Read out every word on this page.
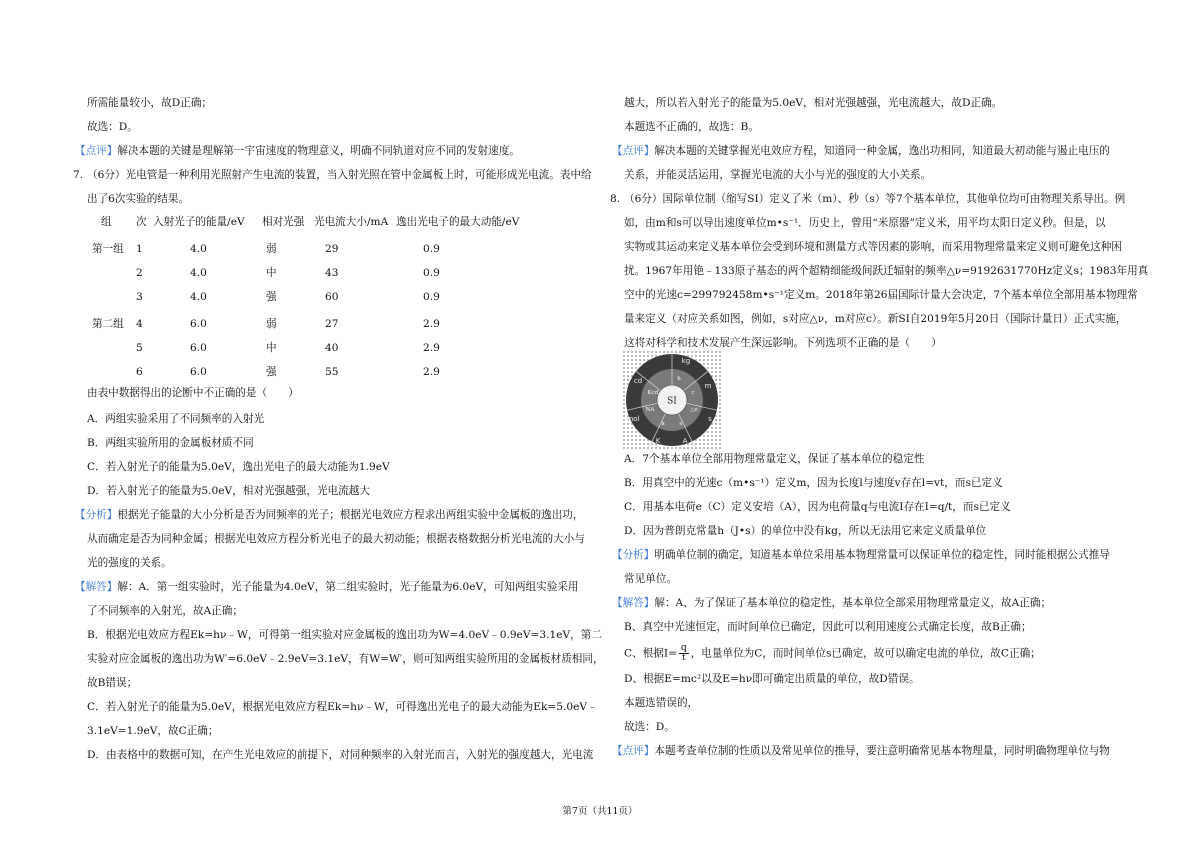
所需能量较小，故D正确；
故选：D。
【点评】解决本题的关键是理解第一宇宙速度的物理意义，明确不同轨道对应不同的发射速度。
7. （6分）光电管是一种利用光照射产生电流的装置，当入射光照在管中金属板上时，可能形成光电流。表中给
出了6次实验的结果。
组 次 入射光子的能量/eV 相对光强 光电流大小/mA 逸出光电子的最大动能/eV
第一组 1	4.0	弱	29	0.9
2	4.0	中	43	0.9
3	4.0	强	60	0.9
第二组 4	6.0	弱	27	2.9
5	6.0	中	40	2.9
6	6.0	强	55	2.9
由表中数据得出的论断中不正确的是（　　）
A．两组实验采用了不同频率的入射光
B．两组实验所用的金属板材质不同
C．若入射光子的能量为5.0eV，逸出光电子的最大动能为1.9eV
D．若入射光子的能量为5.0eV，相对光强越强，光电流越大
【分析】根据光子能量的大小分析是否为同频率的光子；根据光电效应方程求出两组实验中金属板的逸出功，
从而确定是否为同种金属；根据光电效应方程分析光电子的最大初动能；根据表格数据分析光电流的大小与
光的强度的关系。
【解答】解：A．第一组实验时，光子能量为4.0eV，第二组实验时，光子能量为6.0eV，可知两组实验采用
了不同频率的入射光，故A正确；
B．根据光电效应方程Ek=hν﹣W，可得第一组实验对应金属板的逸出功为W=4.0eV﹣0.9eV=3.1eV，第二
实验对应金属板的逸出功为W′=6.0eV﹣2.9eV=3.1eV，有W=W′，则可知两组实验所用的金属板材质相同，
故B错误；
C．若入射光子的能量为5.0eV，根据光电效应方程Ek=hν﹣W，可得逸出光电子的最大动能为Ek=5.0eV﹣
3.1eV=1.9eV，故C正确；
D．由表格中的数据可知，在产生光电效应的前提下，对同种频率的入射光而言，入射光的强度越大，光电流
越大，所以若入射光子的能量为5.0eV，相对光强越强，光电流越大，故D正确。
本题选不正确的，故选：B。
【点评】解决本题的关键掌握光电效应方程，知道同一种金属，逸出功相同，知道最大初动能与遏止电压的
关系，并能灵活运用，掌握光电流的大小与光的强度的大小关系。
8. （6分）国际单位制（缩写SI）定义了米（m）、秒（s）等7个基本单位，其他单位均可由物理关系导出。例
如，由m和s可以导出速度单位m•s⁻¹．历史上，曾用“米原器”定义米，用平均太阳日定义秒。但是，以
实物或其运动来定义基本单位会受到环境和测量方式等因素的影响，而采用物理常量来定义则可避免这种困
扰。1967年用铯﹣133原子基态的两个超精细能级间跃迁辐射的频率△ν=9192631770Hz定义s；1983年用真
空中的光速c=299792458m•s⁻¹定义m。2018年第26届国际计量大会决定，7个基本单位全部用基本物理常
量来定义（对应关系如图，例如，s对应△ν，m对应c）。新SI自2019年5月20日（国际计量日）正式实施，
这将对科学和技术发展产生深远影响。下列选项不正确的是（　　）
SI
kg
m
s
A
K
mol
cd	h
c
△ν
e
k
NA
Kcd
A．7个基本单位全部用物理常量定义，保证了基本单位的稳定性
B．用真空中的光速c（m•s⁻¹）定义m，因为长度l与速度v存在l=vt，而s已定义
C．用基本电荷e（C）定义安培（A），因为电荷量q与电流I存在I=q/t，而s已定义
D．因为普朗克常量h（J•s）的单位中没有kg，所以无法用它来定义质量单位
【分析】明确单位制的确定，知道基本单位采用基本物理常量可以保证单位的稳定性，同时能根据公式推导
常见单位。
【解答】解：A、为了保证了基本单位的稳定性，基本单位全部采用物理常量定义，故A正确；
B、真空中光速恒定，而时间单位已确定，因此可以利用速度公式确定长度，故B正确；
C、根据$I= \frac{q}{t}$ ，电量单位为C，而时间单位s已确定，故可以确定电流的单位，故C正确；
D、根据E=mc²以及E=hν即可确定出质量的单位，故D错误。
本题选错误的，
故选：D。
【点评】本题考查单位制的性质以及常见单位的推导，要注意明确常见基本物理量，同时明确物理单位与物
第7页（共11页）
